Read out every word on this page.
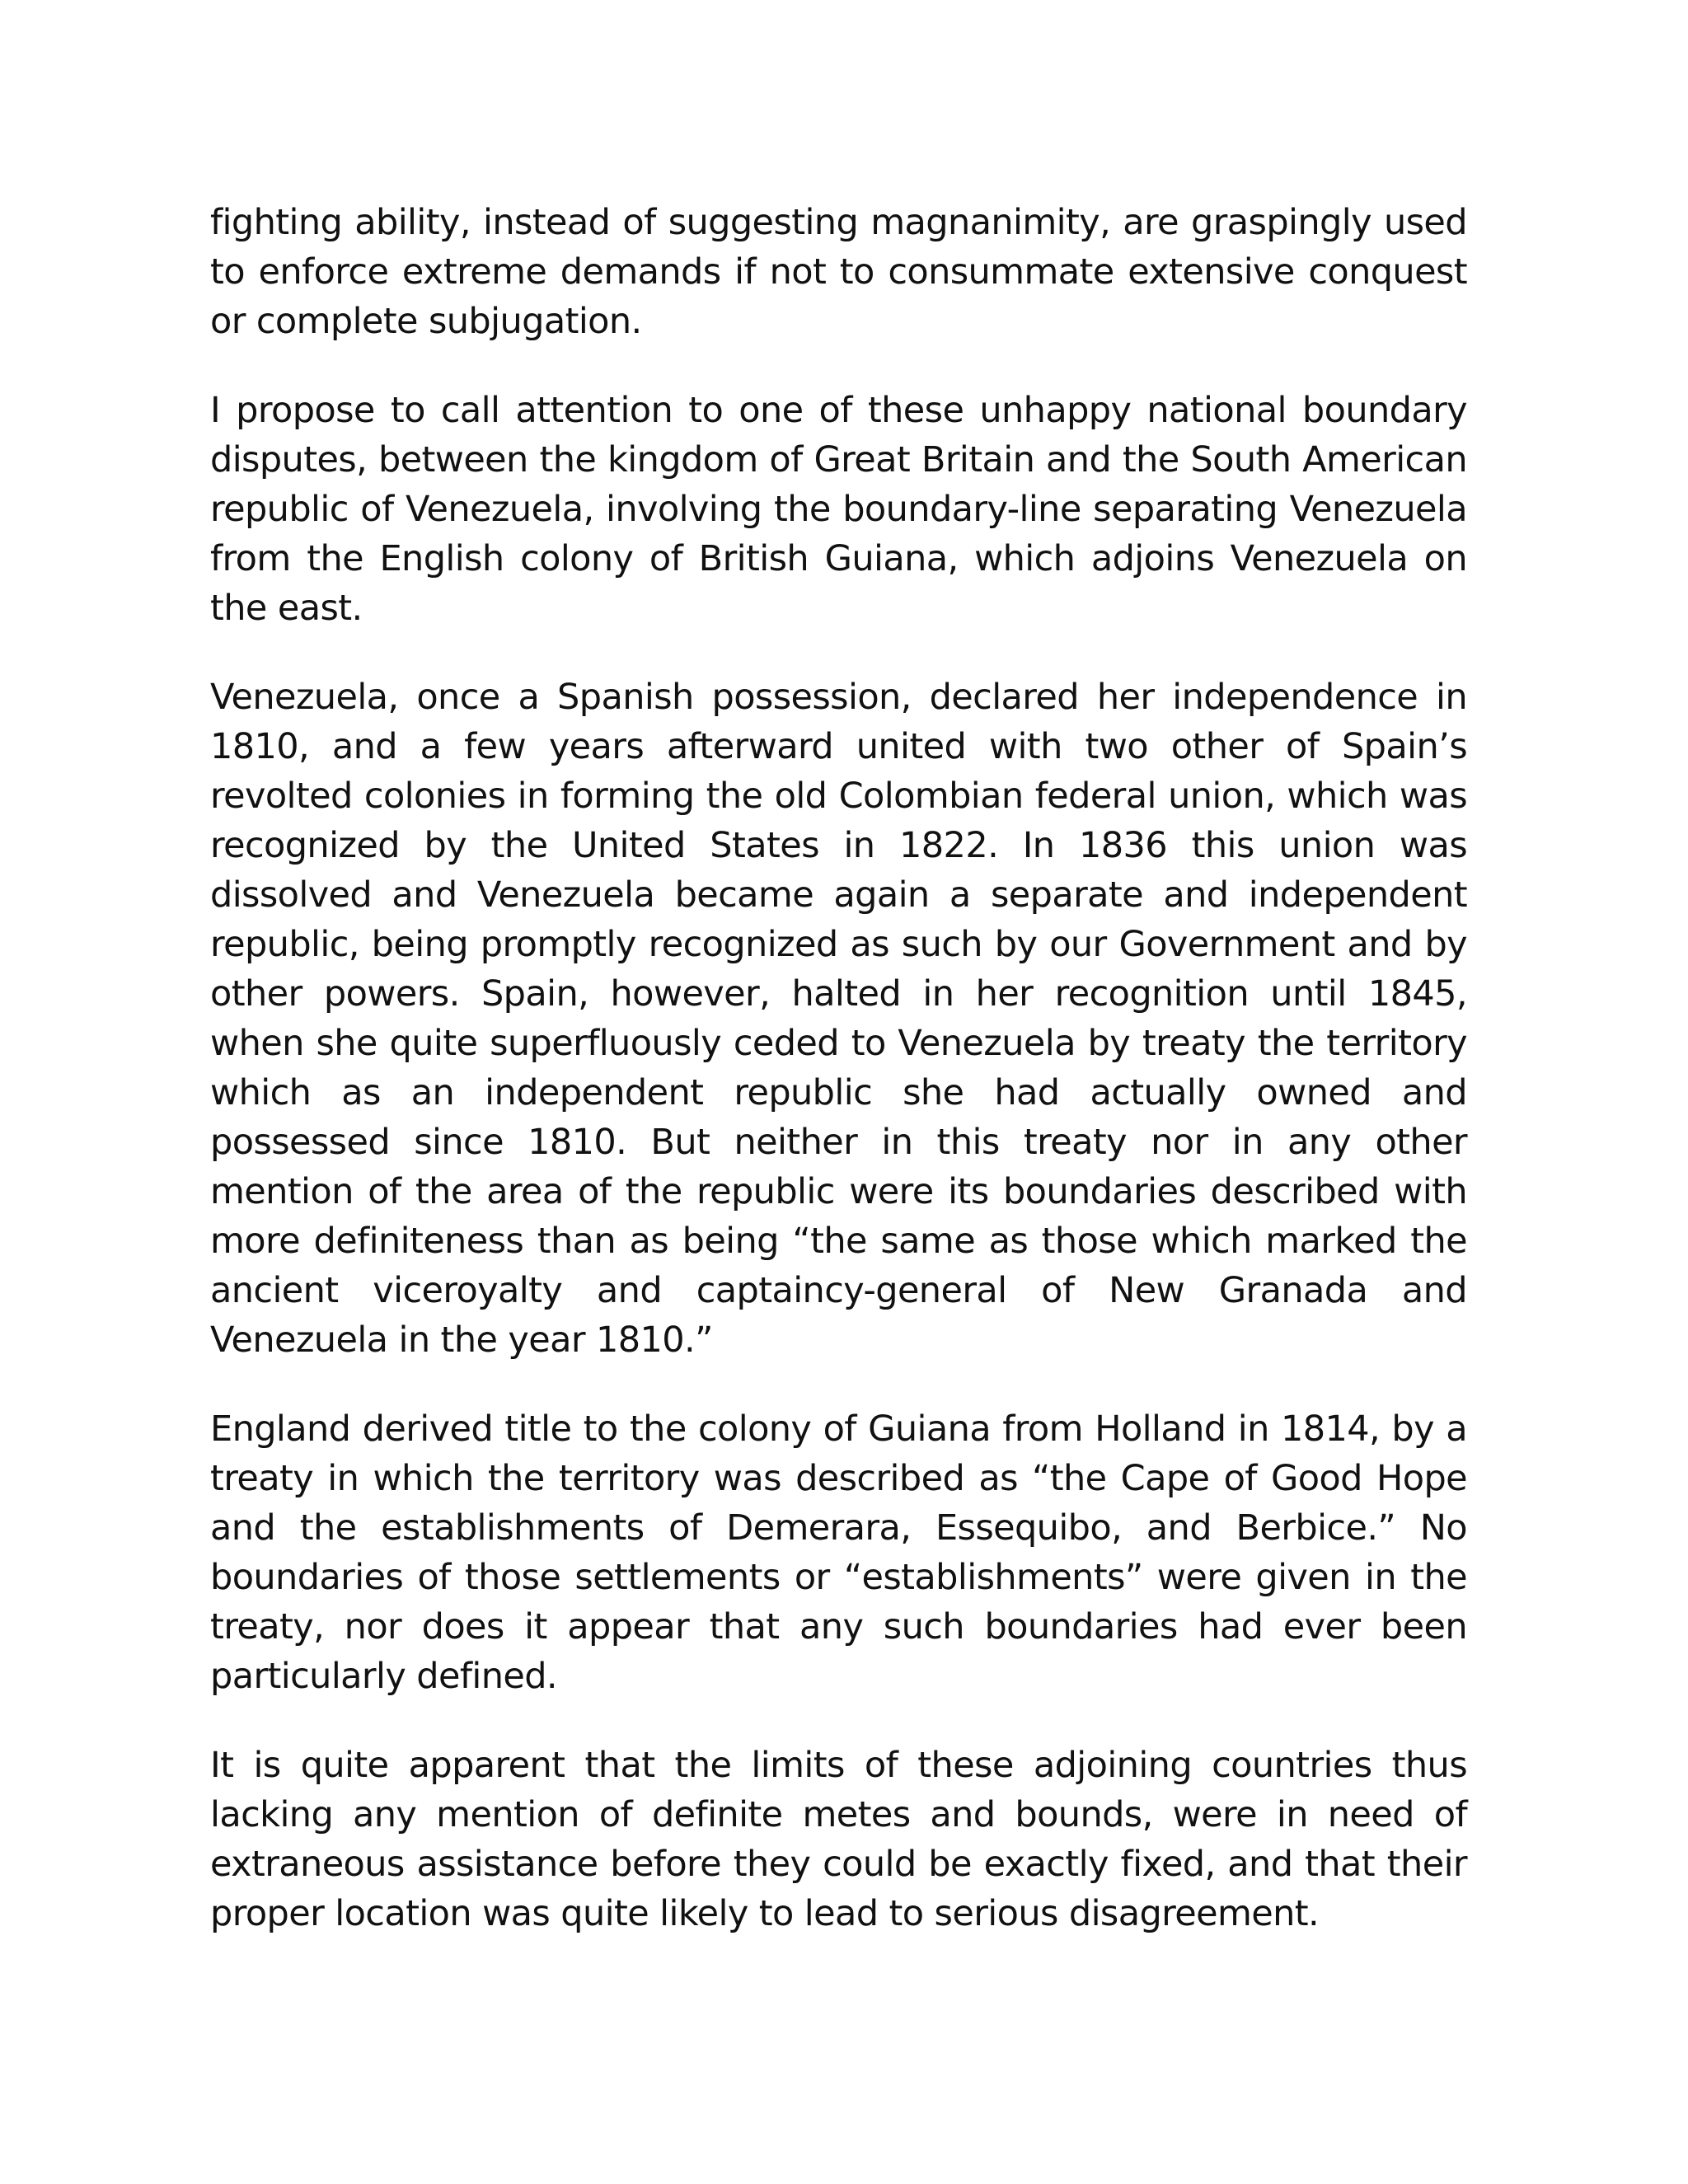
fighting ability, instead of suggesting magnanimity, are graspingly used to enforce extreme demands if not to consummate extensive conquest or complete subjugation.

I propose to call attention to one of these unhappy national boundary disputes, between the kingdom of Great Britain and the South American republic of Venezuela, involving the boundary-line separating Venezuela from the English colony of British Guiana, which adjoins Venezuela on the east.

Venezuela, once a Spanish possession, declared her independence in 1810, and a few years afterward united with two other of Spain’s revolted colonies in forming the old Colombian federal union, which was recognized by the United States in 1822. In 1836 this union was dissolved and Venezuela became again a separate and independent republic, being promptly recognized as such by our Government and by other powers. Spain, however, halted in her recognition until 1845, when she quite superfluously ceded to Venezuela by treaty the territory which as an independent republic she had actually owned and possessed since 1810. But neither in this treaty nor in any other mention of the area of the republic were its boundaries described with more definiteness than as being “the same as those which marked the ancient viceroyalty and captaincy-general of New Granada and Venezuela in the year 1810.”

England derived title to the colony of Guiana from Holland in 1814, by a treaty in which the territory was described as “the Cape of Good Hope and the establishments of Demerara, Essequibo, and Berbice.” No boundaries of those settlements or “establishments” were given in the treaty, nor does it appear that any such boundaries had ever been particularly defined.

It is quite apparent that the limits of these adjoining countries thus lacking any mention of definite metes and bounds, were in need of extraneous assistance before they could be exactly fixed, and that their proper location was quite likely to lead to serious disagreement.
